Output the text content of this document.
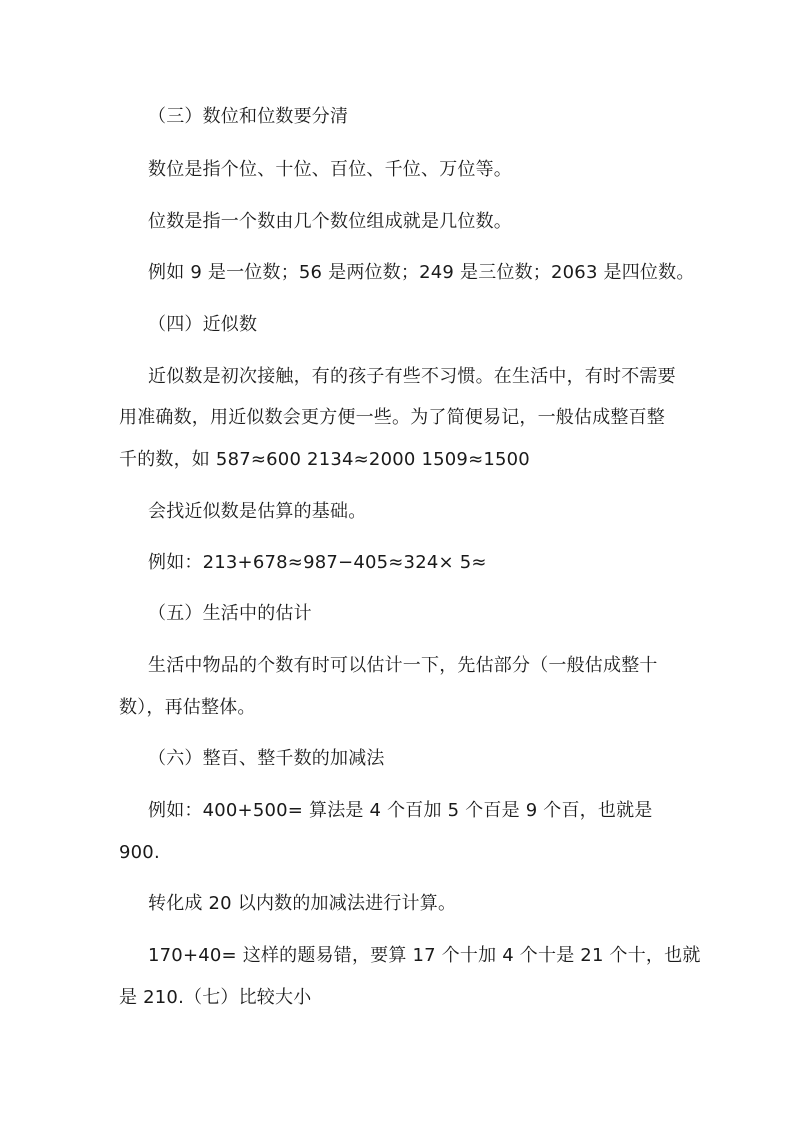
（三）数位和位数要分清
数位是指个位、十位、百位、千位、万位等。
位数是指一个数由几个数位组成就是几位数。
例如 9 是一位数；56 是两位数；249 是三位数；2063 是四位数。
（四）近似数
近似数是初次接触，有的孩子有些不习惯。在生活中，有时不需要
用准确数，用近似数会更方便一些。为了简便易记，一般估成整百整
千的数，如 587≈600 2134≈2000 1509≈1500
会找近似数是估算的基础。
例如：213+678≈987−405≈324× 5≈
（五）生活中的估计
生活中物品的个数有时可以估计一下，先估部分（一般估成整十
数），再估整体。
（六）整百、整千数的加减法
例如：400+500= 算法是 4 个百加 5 个百是 9 个百，也就是
900.
转化成 20 以内数的加减法进行计算。
170+40= 这样的题易错，要算 17 个十加 4 个十是 21 个十，也就
是 210.（七）比较大小
